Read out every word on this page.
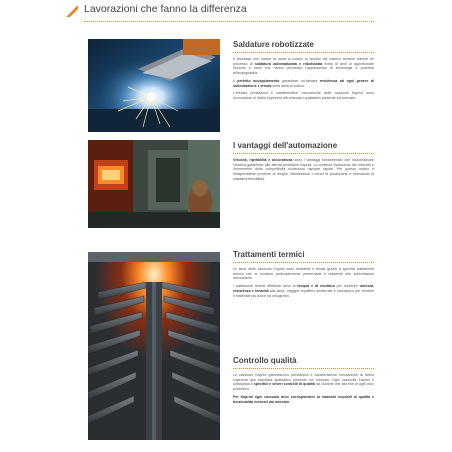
Lavorazioni che fanno la differenza
Saldature robotizzate

Il processo che unisce la lama al codolo in acciaio del manico avviene tramite un processo di saldatura automatizzata e robotizzata frutto di anni di approfondite ricerche e studi che hanno permesso l'applicazione di tecnologie e processi all'avanguardia.

Il perfetto accoppiamento garantisce un'elevata resistenza ad ogni genere di sollecitazione e tenuta della lama al codolo.

L'elevato prestazioni e caratteristiche meccaniche delle cazzuole Kapriol sono riconosciute di livello superiore allo standard qualitativo presente sul mercato.

I vantaggi dell'automazione

Velocità, ripetibilità e accuratezza sono i vantaggi fondamentali che l'automazione robotica garantisce alle attività produttive Kapriol. La continua evoluzione del mercato e l'incremento della competitività richiedono risposte rapide. Per questo motivo è indispensabile produrre al meglio, ottimizzando i mezzi di produzione e ricercando la massima flessibilità.

Trattamenti termici

Le lame delle cazzuole Kapriol sono resistenti e tenaci grazie a specifici trattamenti termici che le rendono particolarmente performanti e resistenti alle sollecitazioni meccaniche.

I trattamenti termici effettuati sono di tempra e di ricottura per conferire durezza, resistenza e tenacità alla lama, maggior equilibrio strutturale e meccanico per rendere il materiale più dolce ed omogeneo.

Controllo qualità

Le cazzuole Kapriol garantiscono prestazioni e caratteristiche meccaniche di livello superiore allo standard qualitativo presente sul mercato. Ogni cazzuola Kapriol è sottoposta a specifici e severi controlli di qualità sia durante che alla fine di ogni ciclo produttivo.

Per Kapriol ogni cazzuola deve corrispondere ai massimi requisiti di qualità e funzionalità richiesti dal mercato.
